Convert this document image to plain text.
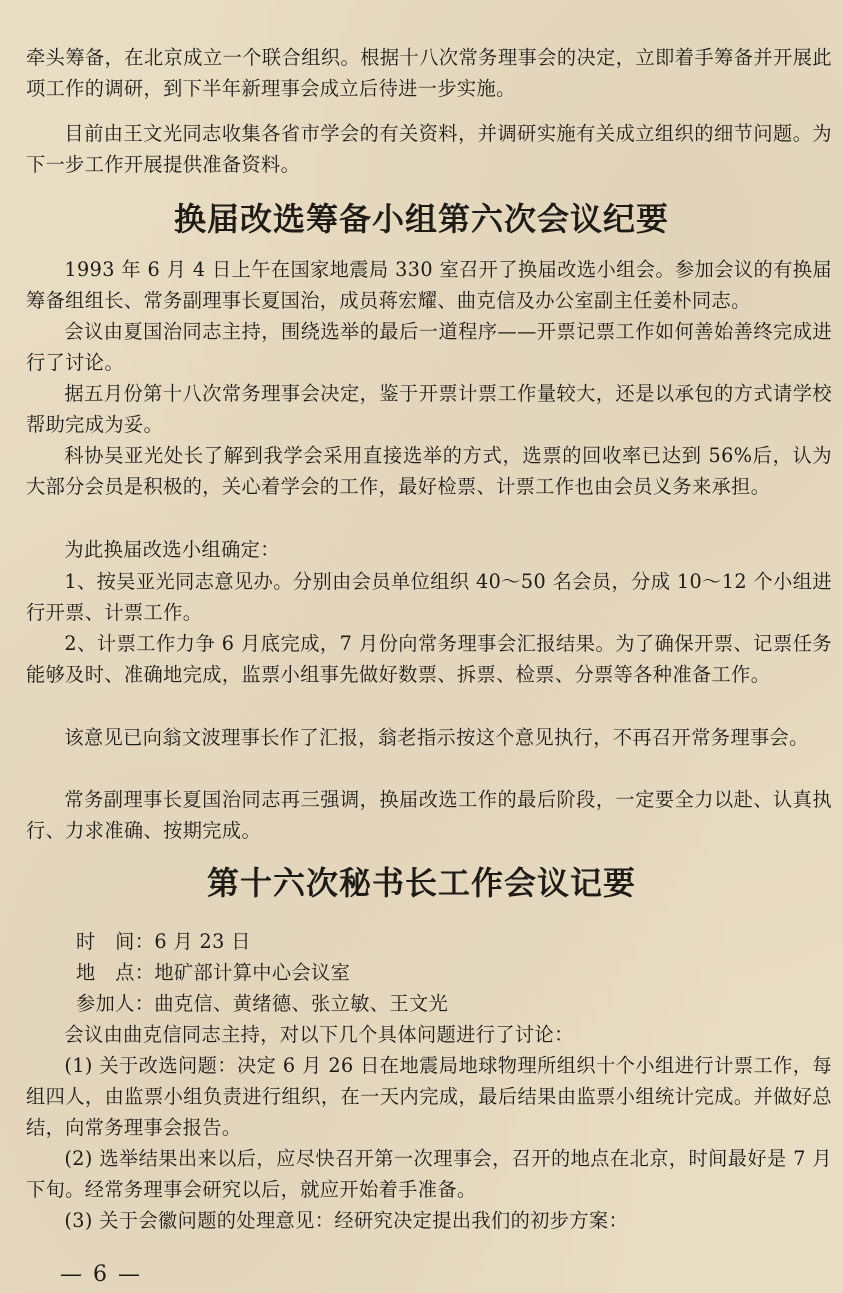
牵头筹备，在北京成立一个联合组织。根据十八次常务理事会的决定，立即着手筹备并开展此项工作的调研，到下半年新理事会成立后待进一步实施。

目前由王文光同志收集各省市学会的有关资料，并调研实施有关成立组织的细节问题。为下一步工作开展提供准备资料。

换届改选筹备小组第六次会议纪要

1993 年 6 月 4 日上午在国家地震局 330 室召开了换届改选小组会。参加会议的有换届筹备组组长、常务副理事长夏国治，成员蒋宏耀、曲克信及办公室副主任姜朴同志。

会议由夏国治同志主持，围绕选举的最后一道程序——开票记票工作如何善始善终完成进行了讨论。

据五月份第十八次常务理事会决定，鉴于开票计票工作量较大，还是以承包的方式请学校帮助完成为妥。

科协吴亚光处长了解到我学会采用直接选举的方式，选票的回收率已达到 56%后，认为大部分会员是积极的，关心着学会的工作，最好检票、计票工作也由会员义务来承担。

为此换届改选小组确定：

1、按吴亚光同志意见办。分别由会员单位组织 40～50 名会员，分成 10～12 个小组进行开票、计票工作。

2、计票工作力争 6 月底完成，7 月份向常务理事会汇报结果。为了确保开票、记票任务能够及时、准确地完成，监票小组事先做好数票、拆票、检票、分票等各种准备工作。

该意见已向翁文波理事长作了汇报，翁老指示按这个意见执行，不再召开常务理事会。

常务副理事长夏国治同志再三强调，换届改选工作的最后阶段，一定要全力以赴、认真执行、力求准确、按期完成。

第十六次秘书长工作会议记要

时　间：6 月 23 日

地　点：地矿部计算中心会议室

参加人：曲克信、黄绪德、张立敏、王文光

会议由曲克信同志主持，对以下几个具体问题进行了讨论：

(1) 关于改选问题：决定 6 月 26 日在地震局地球物理所组织十个小组进行计票工作，每组四人，由监票小组负责进行组织，在一天内完成，最后结果由监票小组统计完成。并做好总结，向常务理事会报告。

(2) 选举结果出来以后，应尽快召开第一次理事会，召开的地点在北京，时间最好是 7 月下旬。经常务理事会研究以后，就应开始着手准备。

(3) 关于会徽问题的处理意见：经研究决定提出我们的初步方案：

— 6 —
